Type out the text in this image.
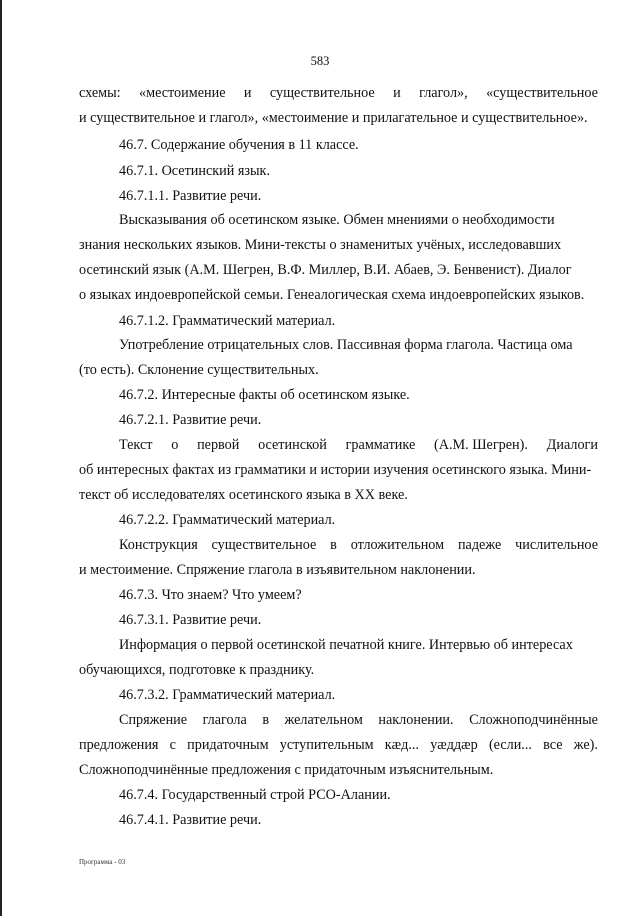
583
схемы: «местоимение и существительное и глагол», «существительное
и существительное и глагол», «местоимение и прилагательное и существительное».
46.7. Содержание обучения в 11 классе.
46.7.1. Осетинский язык.
46.7.1.1. Развитие речи.
Высказывания об осетинском языке. Обмен мнениями о необходимости
знания нескольких языков. Мини-тексты о знаменитых учёных, исследовавших
осетинский язык (А.М. Шегрен, В.Ф. Миллер, В.И. Абаев, Э. Бенвенист). Диалог
о языках индоевропейской семьи. Генеалогическая схема индоевропейских языков.
46.7.1.2. Грамматический материал.
Употребление отрицательных слов. Пассивная форма глагола. Частица ома
(то есть). Склонение существительных.
46.7.2. Интересные факты об осетинском языке.
46.7.2.1. Развитие речи.
Текст о первой осетинской грамматике (А.М. Шегрен). Диалоги
об интересных фактах из грамматики и истории изучения осетинского языка. Мини-
текст об исследователях осетинского языка в XX веке.
46.7.2.2. Грамматический материал.
Конструкция существительное в отложительном падеже числительное
и местоимение. Спряжение глагола в изъявительном наклонении.
46.7.3. Что знаем? Что умеем?
46.7.3.1. Развитие речи.
Информация о первой осетинской печатной книге. Интервью об интересах
обучающихся, подготовке к празднику.
46.7.3.2. Грамматический материал.
Спряжение глагола в желательном наклонении. Сложноподчинённые
предложения с придаточным уступительным кæд... уæддæр (если... все же).
Сложноподчинённые предложения с придаточным изъяснительным.
46.7.4. Государственный строй РСО-Алании.
46.7.4.1. Развитие речи.
Программа - 03
